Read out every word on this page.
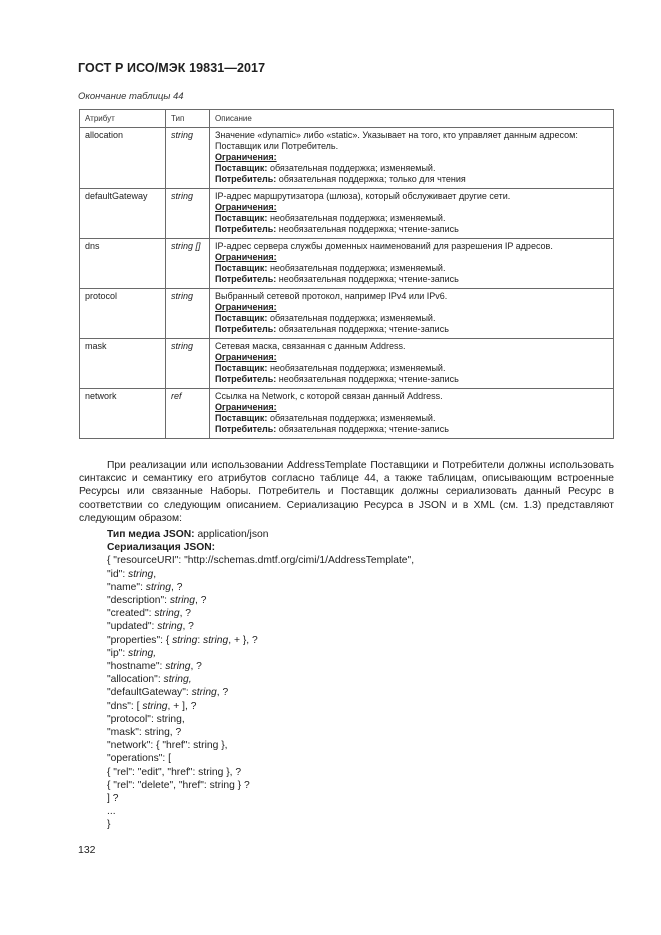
ГОСТ Р ИСО/МЭК 19831—2017
Окончание таблицы 44
Атрибут	Тип	Описание
allocation	string	Значение «dynamic» либо «static». Указывает на того, кто управляет данным адресом: Поставщик или Потребитель.
Ограничения:
Поставщик: обязательная поддержка; изменяемый.
Потребитель: обязательная поддержка; только для чтения

defaultGateway	string	IP-адрес маршрутизатора (шлюза), который обслуживает другие сети.
Ограничения:
Поставщик: необязательная поддержка; изменяемый.
Потребитель: необязательная поддержка; чтение-запись

dns	string []	IP-адрес сервера службы доменных наименований для разрешения IP адресов.
Ограничения:
Поставщик: необязательная поддержка; изменяемый.
Потребитель: необязательная поддержка; чтение-запись

protocol	string	Выбранный сетевой протокол, например IPv4 или IPv6.
Ограничения:
Поставщик: обязательная поддержка; изменяемый.
Потребитель: обязательная поддержка; чтение-запись

mask	string	Сетевая маска, связанная с данным Address.
Ограничения:
Поставщик: необязательная поддержка; изменяемый.
Потребитель: необязательная поддержка; чтение-запись

network	ref	Ссылка на Network, с которой связан данный Address.
Ограничения:
Поставщик: обязательная поддержка; изменяемый.
Потребитель: обязательная поддержка; чтение-запись
При реализации или использовании AddressTemplate Поставщики и Потребители должны использовать синтаксис и семантику его атрибутов согласно таблице 44, а также таблицам, описывающим встроенные Ресурсы или связанные Наборы. Потребитель и Поставщик должны сериализовать данный Ресурс в соответствии со следующим описанием. Сериализацию Ресурса в JSON и в XML (см. 1.3) представляют следующим образом:
Тип медиа JSON: application/json
Сериализация JSON:
{ "resourceURI": "http://schemas.dmtf.org/cimi/1/AddressTemplate",
"id": string,
"name": string, ?
"description": string, ?
"created": string, ?
"updated": string, ?
"properties": { string: string, + }, ?
"ip": string,
"hostname": string, ?
"allocation": string,
"defaultGateway": string, ?
"dns": [ string, + ], ?
"protocol": string,
"mask": string, ?
"network": { "href": string },
"operations": [
{ "rel": "edit", "href": string }, ?
{ "rel": "delete", "href": string } ?
] ?
...
}
132
